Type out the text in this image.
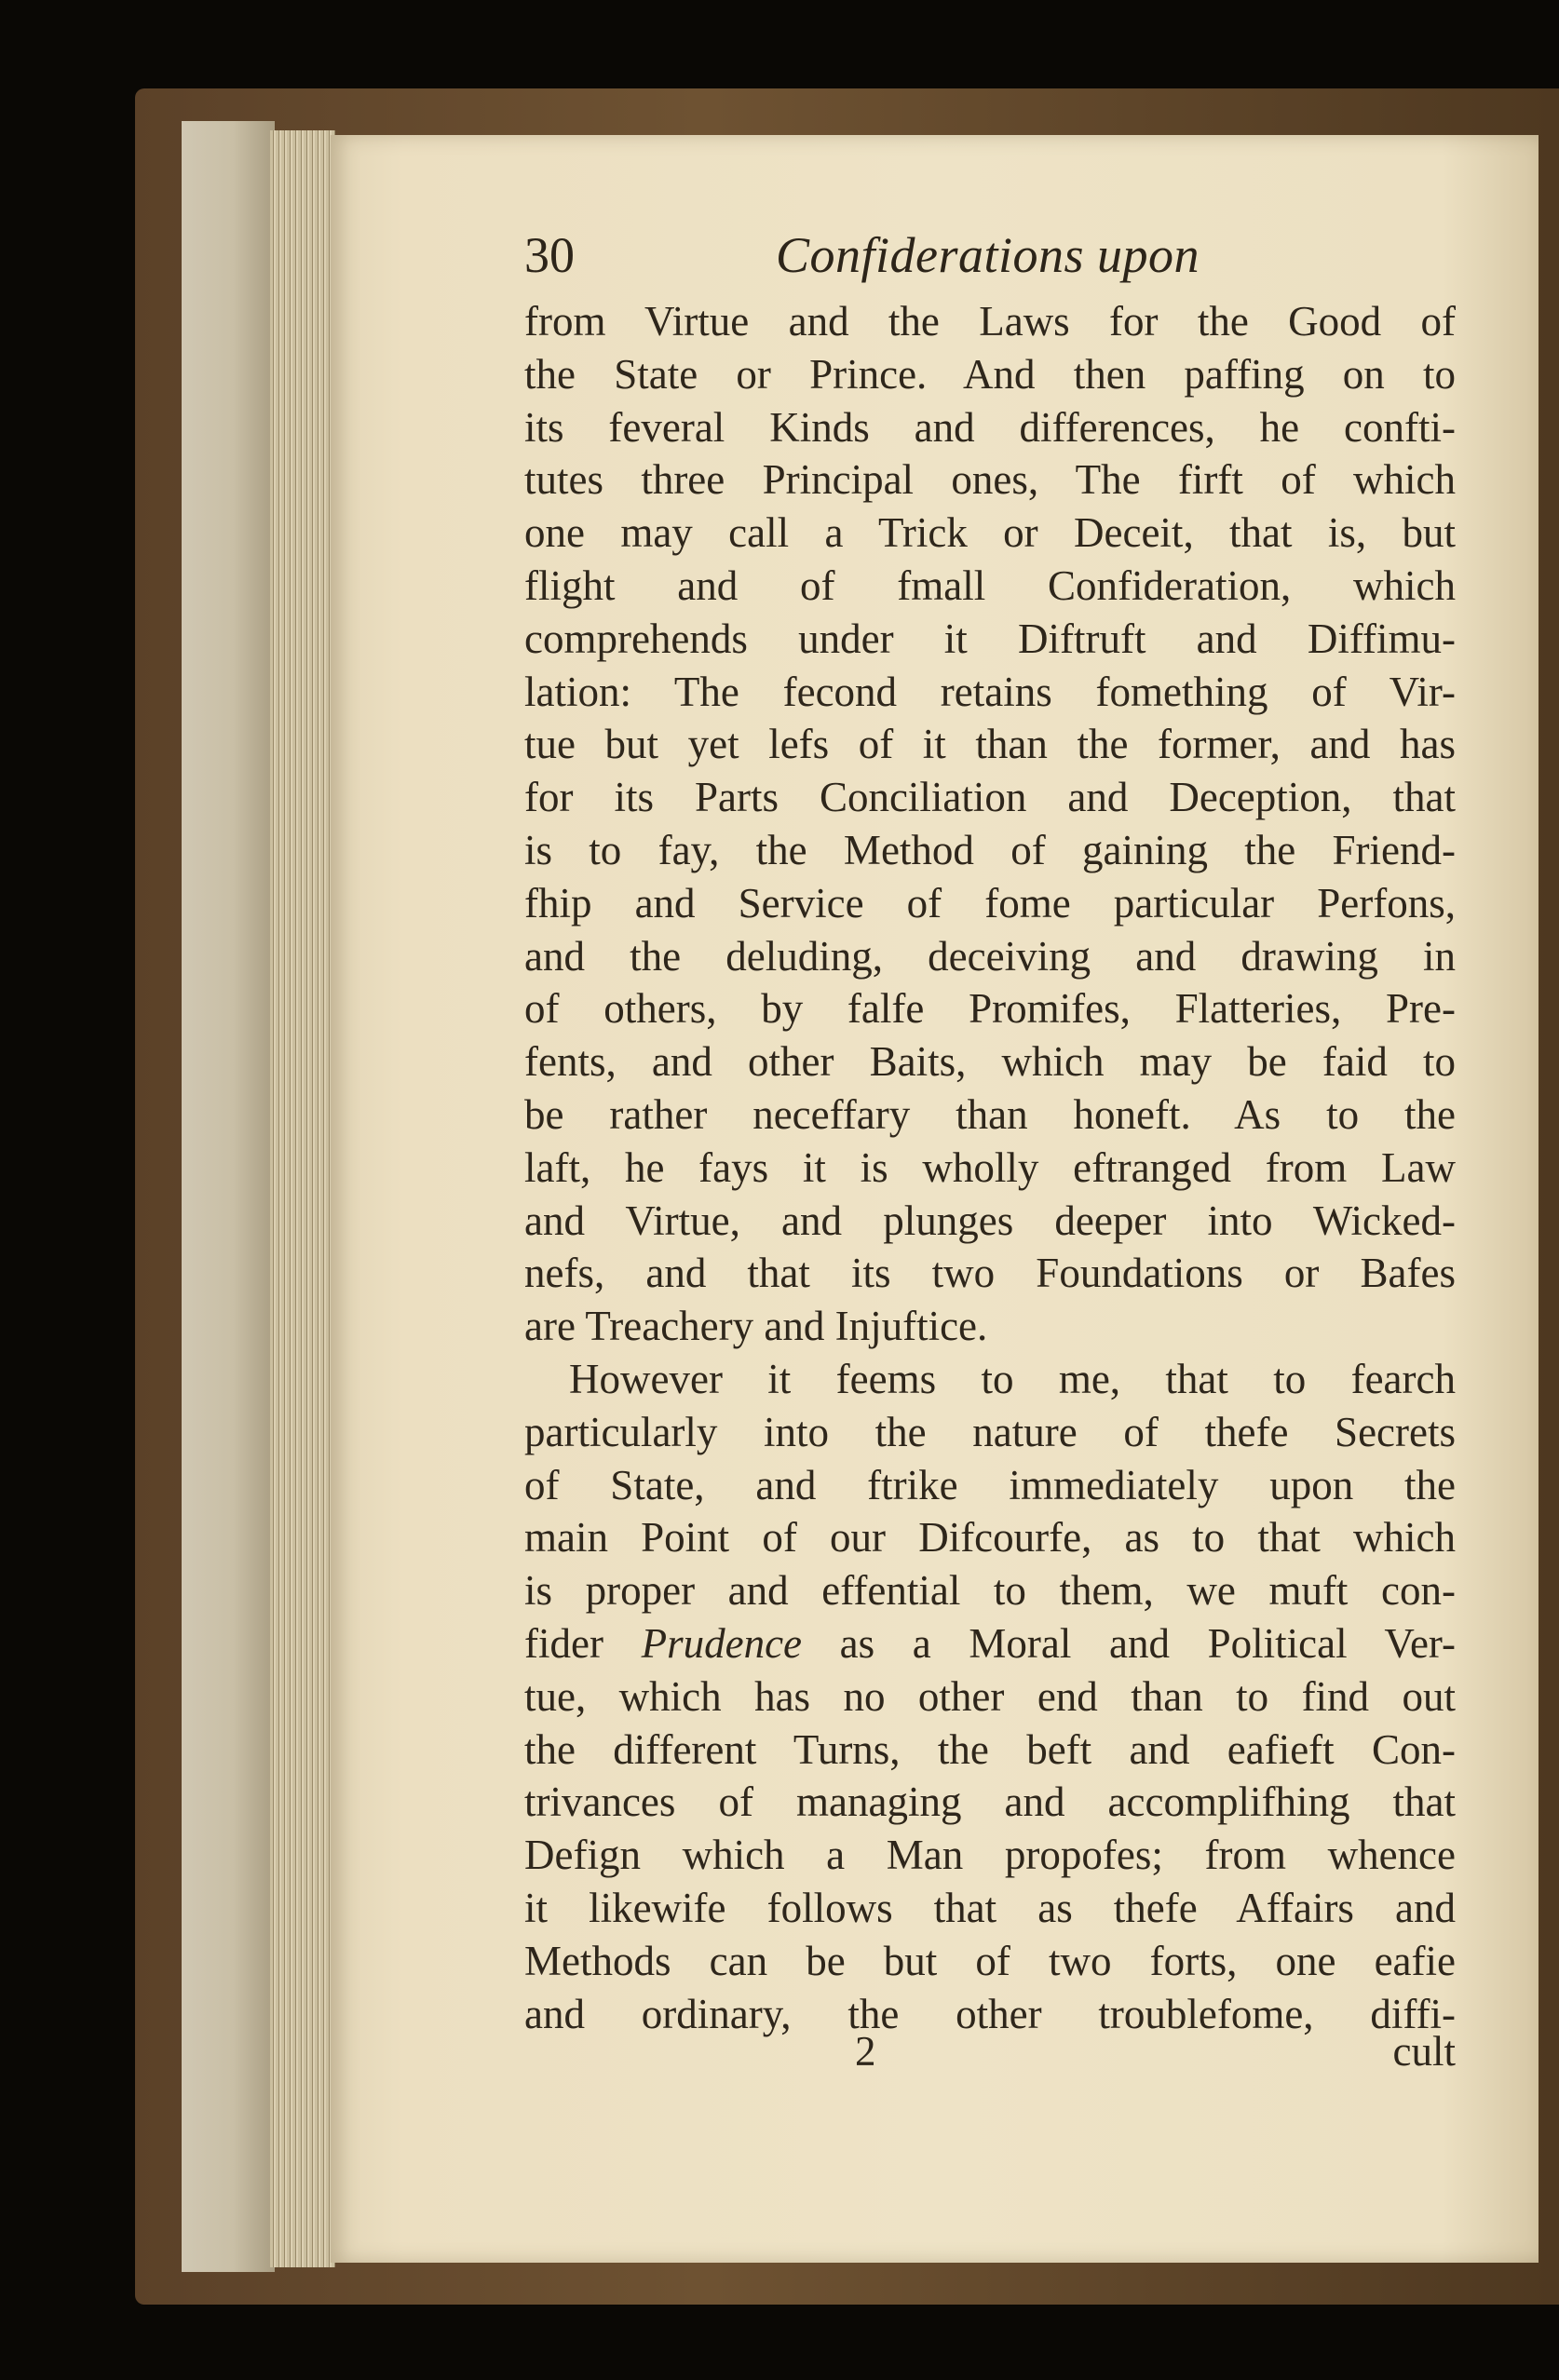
30	Confiderations upon
from Virtue and the Laws for the Good of
the State or Prince. And then paffing on to
its feveral Kinds and differences, he confti-
tutes three Principal ones, The firft of which
one may call a Trick or Deceit, that is, but
flight and of fmall Confideration, which
comprehends under it Diftruft and Diffimu-
lation: The fecond retains fomething of Vir-
tue but yet lefs of it than the former, and has
for its Parts Conciliation and Deception, that
is to fay, the Method of gaining the Friend-
fhip and Service of fome particular Perfons,
and the deluding, deceiving and drawing in
of others, by falfe Promifes, Flatteries, Pre-
fents, and other Baits, which may be faid to
be rather neceffary than honeft. As to the
laft, he fays it is wholly eftranged from Law
and Virtue, and plunges deeper into Wicked-
nefs, and that its two Foundations or Bafes
are Treachery and Injuftice.
However it feems to me, that to fearch
particularly into the nature of thefe Secrets
of State, and ftrike immediately upon the
main Point of our Difcourfe, as to that which
is proper and effential to them, we muft con-
fider Prudence as a Moral and Political Ver-
tue, which has no other end than to find out
the different Turns, the beft and eafieft Con-
trivances of managing and accomplifhing that
Defign which a Man propofes; from whence
it likewife follows that as thefe Affairs and
Methods can be but of two forts, one eafie
and ordinary, the other troublefome, diffi-
2	cult
